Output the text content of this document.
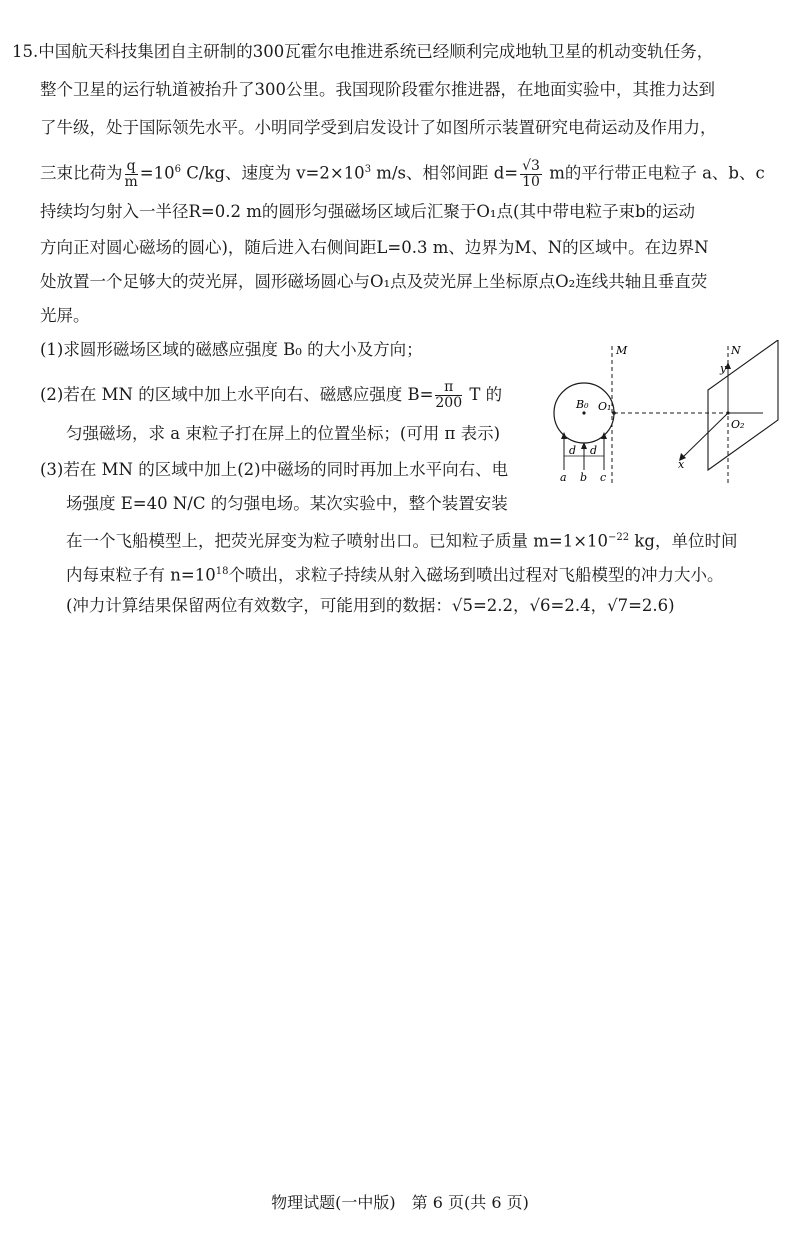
15.中国航天科技集团自主研制的300瓦霍尔电推进系统已经顺利完成地轨卫星的机动变轨任务，
整个卫星的运行轨道被抬升了300公里。我国现阶段霍尔推进器，在地面实验中，其推力达到
了牛级，处于国际领先水平。小明同学受到启发设计了如图所示装置研究电荷运动及作用力，
三束比荷为 $\frac{q}{m} =10^6$ C/kg、速度为 $v=2\times 10^3$ m/s、相邻间距 $d= \frac{√3}{10}$ m的平行带正电粒子 a、b、c
持续均匀射入一半径R=0.2 m的圆形匀强磁场区域后汇聚于O₁点(其中带电粒子束b的运动
方向正对圆心磁场的圆心)，随后进入右侧间距L=0.3 m、边界为M、N的区域中。在边界N
处放置一个足够大的荧光屏，圆形磁场圆心与O₁点及荧光屏上坐标原点O₂连线共轴且垂直荧
光屏。
(1)求圆形磁场区域的磁感应强度 B₀ 的大小及方向；
(2)若在 MN 的区域中加上水平向右、磁感应强度 $B= \frac{\pi}{200}$ T 的
匀强磁场，求 a 束粒子打在屏上的位置坐标；(可用 π 表示)
(3)若在 MN 的区域中加上(2)中磁场的同时再加上水平向右、电
场强度 E=40 N/C 的匀强电场。某次实验中，整个装置安装
在一个飞船模型上，把荧光屏变为粒子喷射出口。已知粒子质量 $m=1\times 10^{-22}$ kg，单位时间
内每束粒子有 $n=10^{18}$个喷出，求粒子持续从射入磁场到喷出过程对飞船模型的冲力大小。
(冲力计算结果保留两位有效数字，可能用到的数据：√5=2.2，√6=2.4，√7=2.6)
B₀ O₁
M	N
y
x
O₂
d d
a b c
物理试题(一中版)　第 6 页(共 6 页)
